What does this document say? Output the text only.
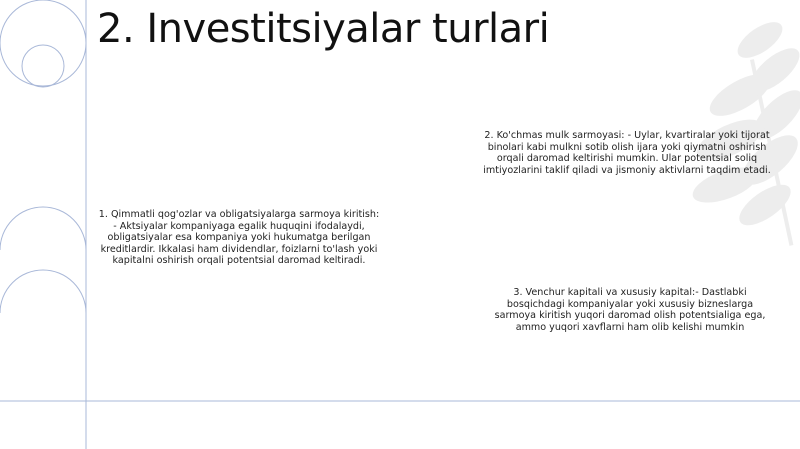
2. Investitsiyalar turlari
1. Qimmatli qog'ozlar va obligatsiyalarga sarmoya kiritish: - Aktsiyalar kompaniyaga egalik huquqini ifodalaydi, obligatsiyalar esa kompaniya yoki hukumatga berilgan kreditlardir. Ikkalasi ham dividendlar, foizlarni to'lash yoki kapitalni oshirish orqali potentsial daromad keltiradi.
2. Ko'chmas mulk sarmoyasi: - Uylar, kvartiralar yoki tijorat binolari kabi mulkni sotib olish ijara yoki qiymatni oshirish orqali daromad keltirishi mumkin. Ular potentsial soliq imtiyozlarini taklif qiladi va jismoniy aktivlarni taqdim etadi.
3. Venchur kapitali va xususiy kapital:- Dastlabki bosqichdagi kompaniyalar yoki xususiy bizneslarga sarmoya kiritish yuqori daromad olish potentsialiga ega, ammo yuqori xavflarni ham olib kelishi mumkin
